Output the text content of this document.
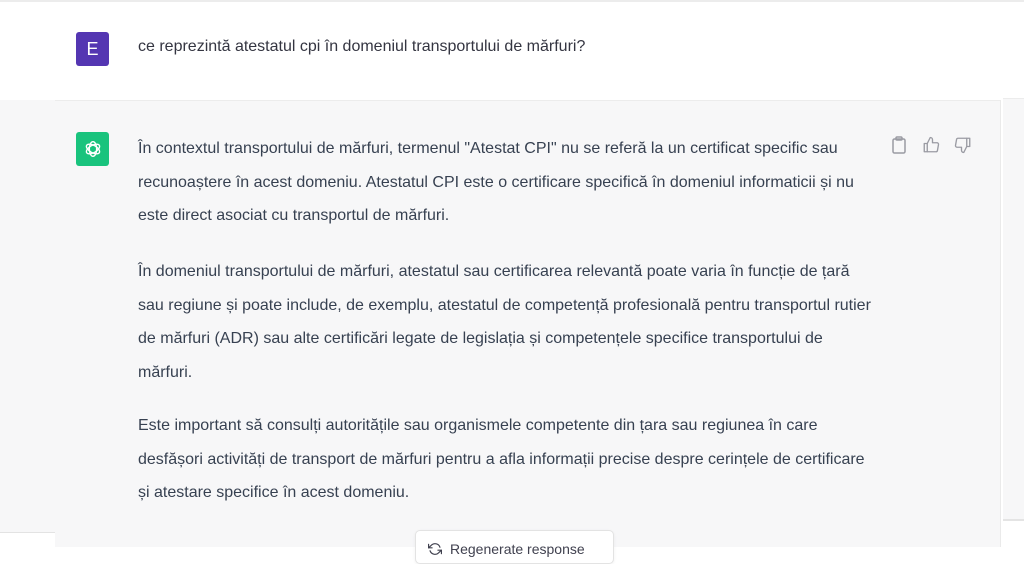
E	ce reprezintă atestatul cpi în domeniul transportului de mărfuri?

În contextul transportului de mărfuri, termenul "Atestat CPI" nu se referă la un certificat specific sau recunoaștere în acest domeniu. Atestatul CPI este o certificare specifică în domeniul informaticii și nu este direct asociat cu transportul de mărfuri.

În domeniul transportului de mărfuri, atestatul sau certificarea relevantă poate varia în funcție de țară sau regiune și poate include, de exemplu, atestatul de competență profesională pentru transportul rutier de mărfuri (ADR) sau alte certificări legate de legislația și competențele specifice transportului de mărfuri.

Este important să consulți autoritățile sau organismele competente din țara sau regiunea în care desfășori activități de transport de mărfuri pentru a afla informații precise despre cerințele de certificare și atestare specifice în acest domeniu.

Regenerate response
